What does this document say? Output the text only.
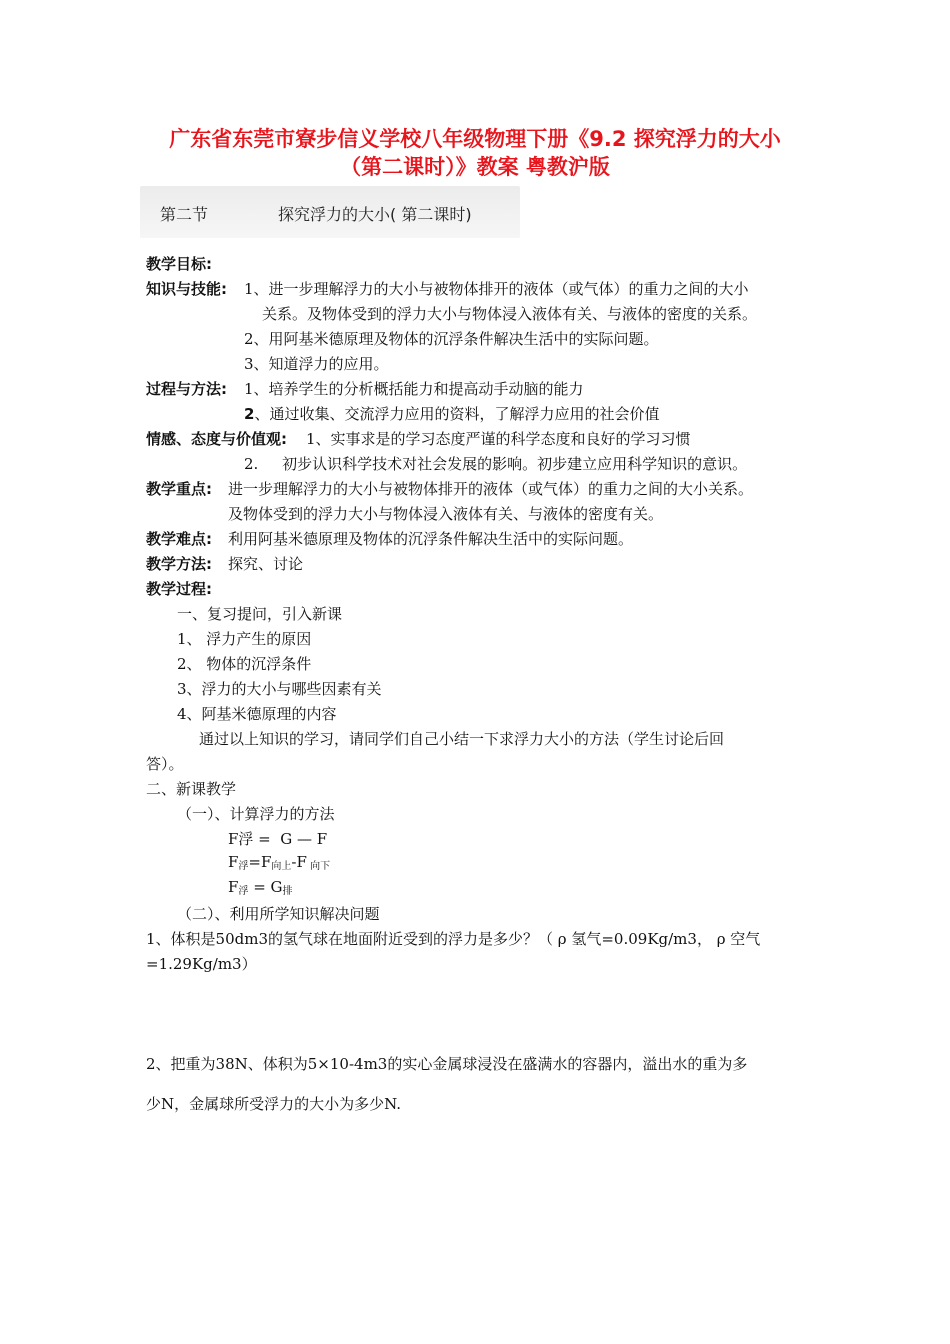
广东省东莞市寮步信义学校八年级物理下册《9.2 探究浮力的大小
（第二课时）》教案 粤教沪版
第二节	探究浮力的大小( 第二课时)
教学目标:
知识与技能: 1、进一步理解浮力的大小与被物体排开的液体（或气体）的重力之间的大小
关系。及物体受到的浮力大小与物体浸入液体有关、与液体的密度的关系。
2、用阿基米德原理及物体的沉浮条件解决生活中的实际问题。
3、知道浮力的应用。
过程与方法: 1、培养学生的分析概括能力和提高动手动脑的能力
2、通过收集、交流浮力应用的资料，了解浮力应用的社会价值
情感、态度与价值观: 1、实事求是的学习态度严谨的科学态度和良好的学习习惯
2.     初步认识科学技术对社会发展的影响。初步建立应用科学知识的意识。
教学重点: 进一步理解浮力的大小与被物体排开的液体（或气体）的重力之间的大小关系。
及物体受到的浮力大小与物体浸入液体有关、与液体的密度有关。
教学难点: 利用阿基米德原理及物体的沉浮条件解决生活中的实际问题。
教学方法: 探究、讨论
教学过程:
一、复习提问，引入新课
1、 浮力产生的原因
2、 物体的沉浮条件
3、浮力的大小与哪些因素有关
4、阿基米德原理的内容
通过以上知识的学习，请同学们自己小结一下求浮力大小的方法（学生讨论后回
答）。
二、新课教学
（一）、计算浮力的方法
F浮 =  G — F
$F_浮=F_{向上}-F$ $_{向下}$
$F_浮 = G_排$
（二）、利用所学知识解决问题
1、体积是50dm3的氢气球在地面附近受到的浮力是多少？（ ρ 氢气=0.09Kg/m3， ρ 空气
=1.29Kg/m3）
2、把重为38N、体积为5×10-4m3的实心金属球浸没在盛满水的容器内，溢出水的重为多
少N，金属球所受浮力的大小为多少N.
